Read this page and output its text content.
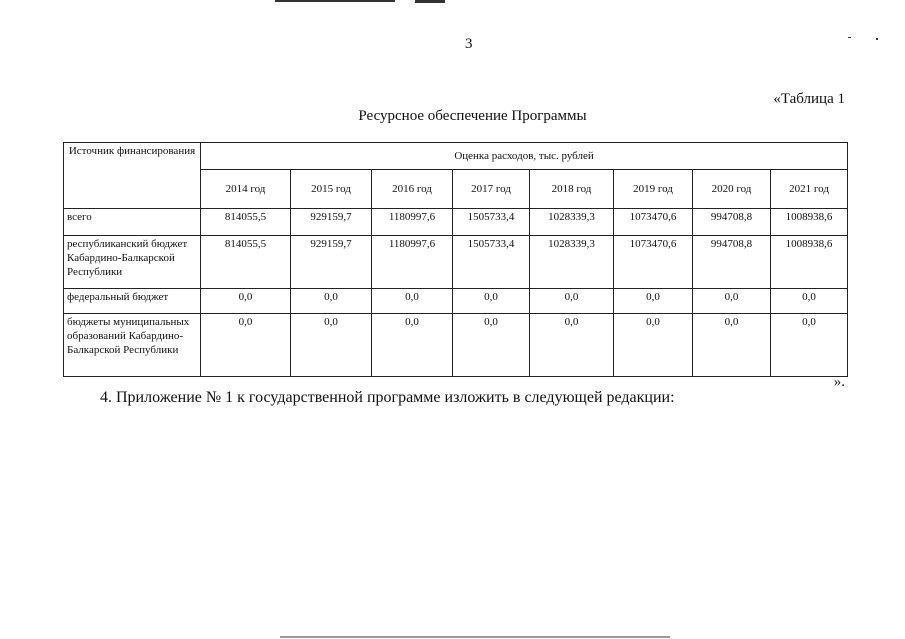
3
«Таблица 1
Ресурсное обеспечение Программы
Источник финансирования	Оценка расходов, тыс. рублей							
	2014 год	2015 год	2016 год	2017 год	2018 год	2019 год	2020 год	2021 год
всего	814055,5	929159,7	1180997,6	1505733,4	1028339,3	1073470,6	994708,8	1008938,6
республиканский бюджет Кабардино-Балкарской Республики	814055,5	929159,7	1180997,6	1505733,4	1028339,3	1073470,6	994708,8	1008938,6
федеральный бюджет	0,0	0,0	0,0	0,0	0,0	0,0	0,0	0,0
бюджеты муниципальных образований Кабардино-Балкарской Республики	0,0	0,0	0,0	0,0	0,0	0,0	0,0	0,0
».
4. Приложение № 1 к государственной программе изложить в следующей редакции:
